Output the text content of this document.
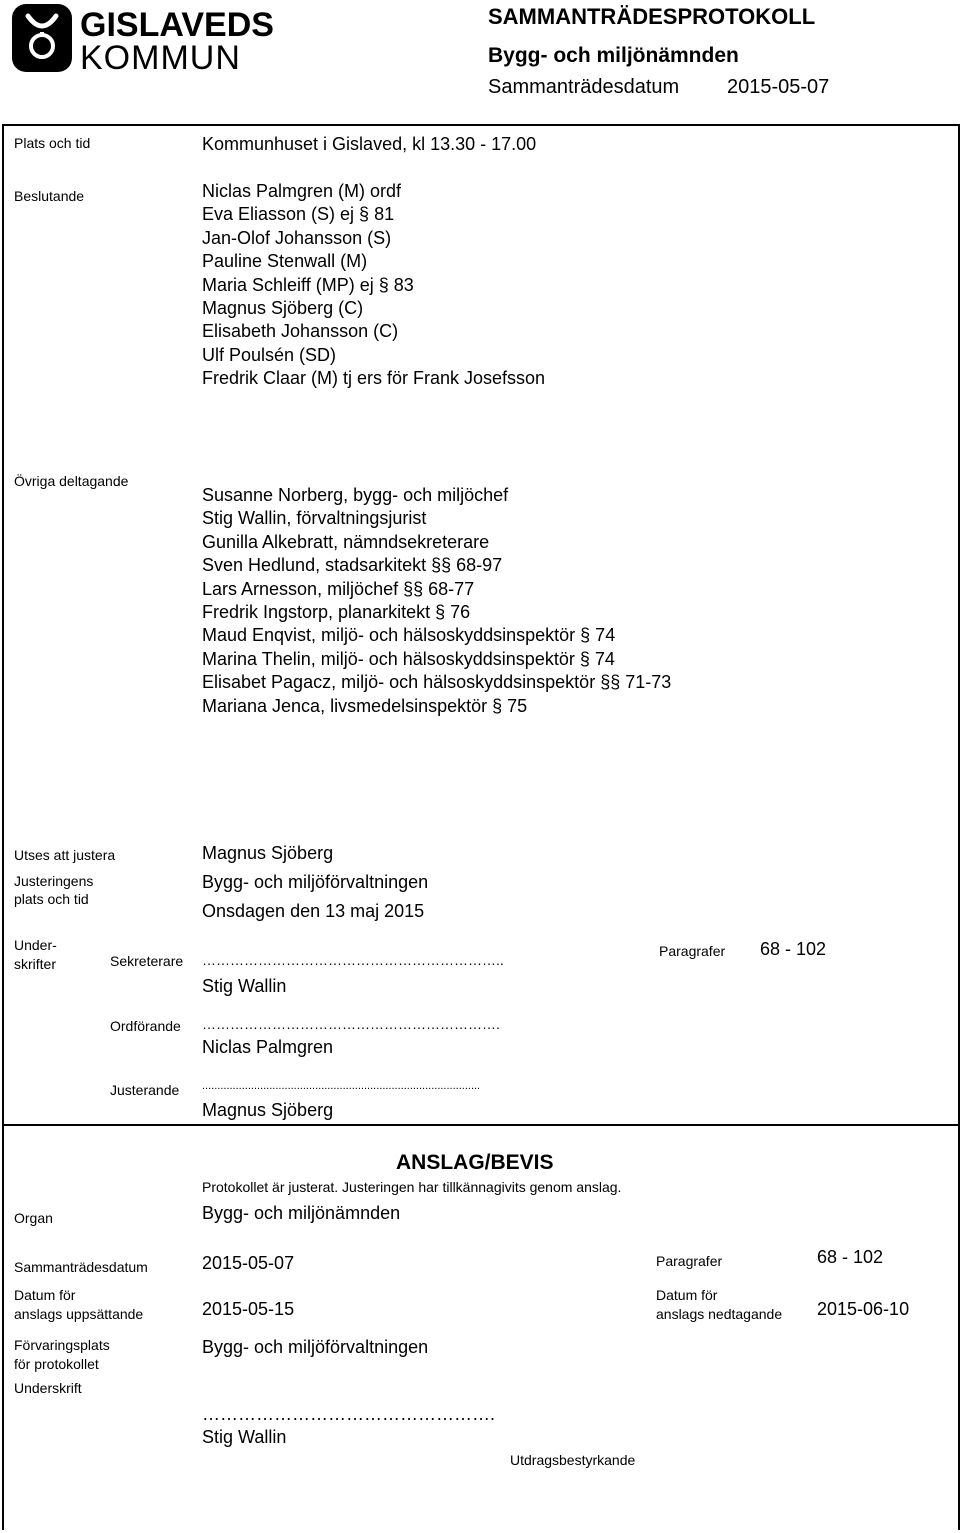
GISLAVEDS
KOMMUN
SAMMANTRÄDESPROTOKOLL
Bygg- och miljönämnden
Sammanträdesdatum 2015-05-07
Plats och tid	Kommunhuset i Gislaved, kl 13.30 - 17.00
Beslutande	Niclas Palmgren (M) ordf
Eva Eliasson (S) ej § 81
Jan-Olof Johansson (S)
Pauline Stenwall (M)
Maria Schleiff (MP) ej § 83
Magnus Sjöberg (C)
Elisabeth Johansson (C)
Ulf Poulsén (SD)
Fredrik Claar (M) tj ers för Frank Josefsson
Övriga deltagande
Susanne Norberg, bygg- och miljöchef
Stig Wallin, förvaltningsjurist
Gunilla Alkebratt, nämndsekreterare
Sven Hedlund, stadsarkitekt §§ 68-97
Lars Arnesson, miljöchef §§ 68-77
Fredrik Ingstorp, planarkitekt § 76
Maud Enqvist, miljö- och hälsoskyddsinspektör § 74
Marina Thelin, miljö- och hälsoskyddsinspektör § 74
Elisabet Pagacz, miljö- och hälsoskyddsinspektör §§ 71-73
Mariana Jenca, livsmedelsinspektör § 75
Utses att justera	Magnus Sjöberg
Justeringens
plats och tid
Bygg- och miljöförvaltningen
Onsdagen den 13 maj 2015
Under-
skrifter	Sekreterare ………………………………………………………..
Stig Wallin
Paragrafer 68 - 102
Ordförande ……………………………………………………….
Niclas Palmgren
Justerande ...........................................................................................
Magnus Sjöberg
ANSLAG/BEVIS
Protokollet är justerat. Justeringen har tillkännagivits genom anslag.
Organ	Bygg- och miljönämnden
Sammanträdesdatum	2015-05-07	Paragrafer	68 - 102
Datum för
anslags uppsättande	2015-05-15
Datum för
anslags nedtagande 2015-06-10
Förvaringsplats
för protokollet
Bygg- och miljöförvaltningen
Underskrift
………………………………………….
Stig Wallin
Utdragsbestyrkande
